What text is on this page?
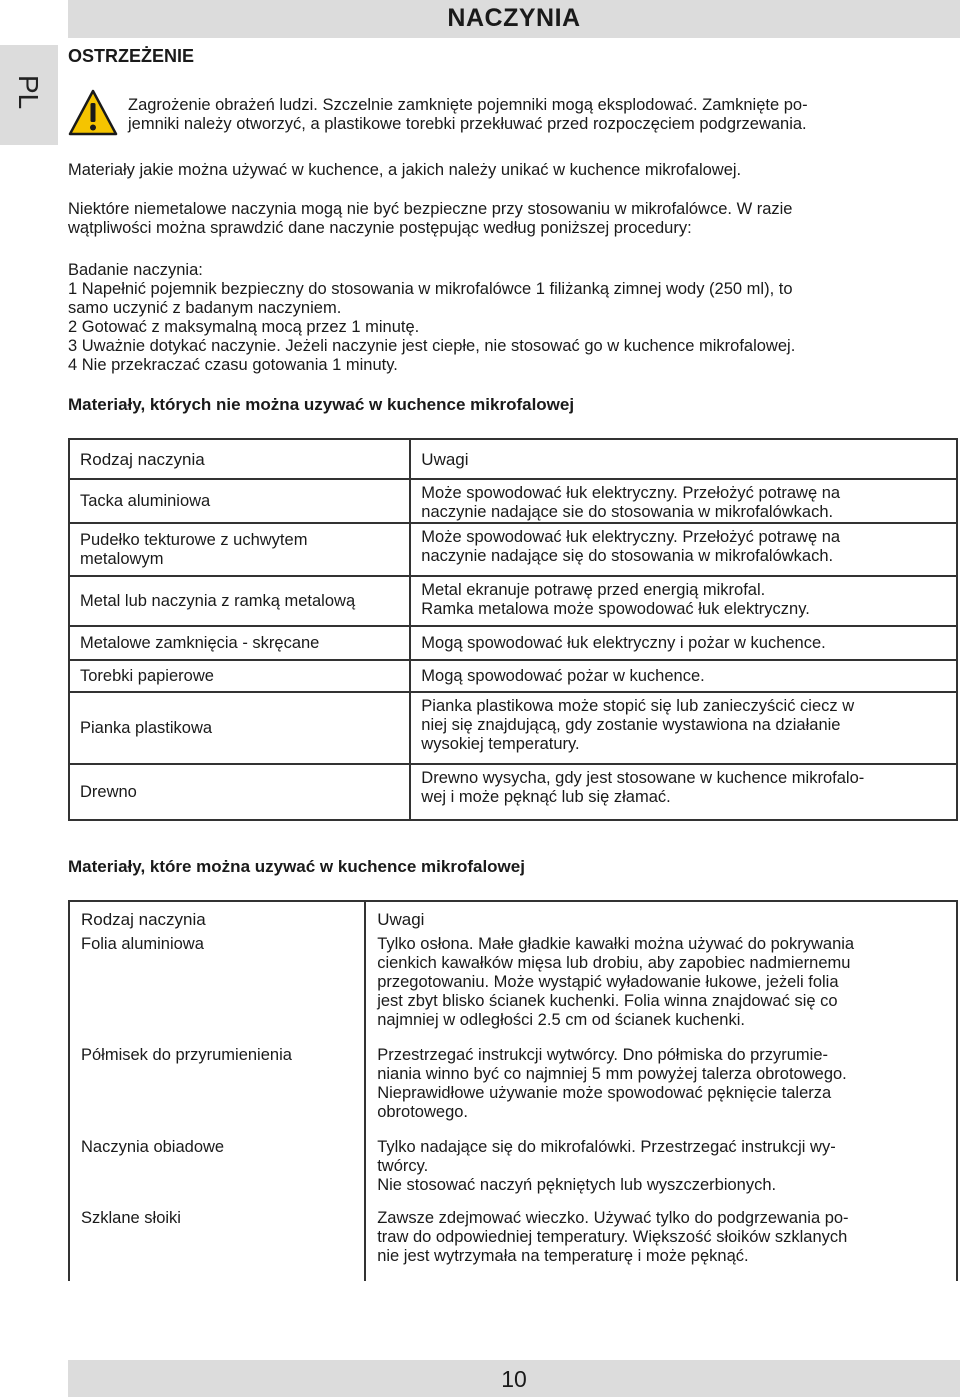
NACZYNIA
PL
OSTRZEŻENIE
Zagrożenie obrażeń ludzi. Szczelnie zamknięte pojemniki mogą eksplodować. Zamknięte po-
jemniki należy otworzyć, a plastikowe torebki przekłuwać przed rozpoczęciem podgrzewania.
Materiały jakie można używać w kuchence, a jakich należy unikać w kuchence mikrofalowej.
Niektóre niemetalowe naczynia mogą nie być bezpieczne przy stosowaniu w mikrofalówce. W razie
wątpliwości można sprawdzić dane naczynie postępując według poniższej procedury:
Badanie naczynia:
1 Napełnić pojemnik bezpieczny do stosowania w mikrofalówce 1 filiżanką zimnej wody (250 ml), to
samo uczynić z badanym naczyniem.
2 Gotować z maksymalną mocą przez 1 minutę.
3 Uważnie dotykać naczynie. Jeżeli naczynie jest ciepłe, nie stosować go w kuchence mikrofalowej.
4 Nie przekraczać czasu gotowania 1 minuty.
Materiały, których nie można uzywać w kuchence mikrofalowej
Rodzaj naczynia	Uwagi

Tacka aluminiowa	Może spowodować łuk elektryczny. Przełożyć potrawę na
naczynie nadające sie do stosowania w mikrofalówkach.

Pudełko tekturowe z uchwytem
metalowym	Może spowodować łuk elektryczny. Przełożyć potrawę na
naczynie nadające się do stosowania w mikrofalówkach.

Metal lub naczynia z ramką metalową	Metal ekranuje potrawę przed energią mikrofal.
Ramka metalowa może spowodować łuk elektryczny.

Metalowe zamknięcia - skręcane	Mogą spowodować łuk elektryczny i pożar w kuchence.

Torebki papierowe	Mogą spowodować pożar w kuchence.

Pianka plastikowa	Pianka plastikowa może stopić się lub zanieczyścić ciecz w
niej się znajdującą, gdy zostanie wystawiona na działanie
wysokiej temperatury.

Drewno	Drewno wysycha, gdy jest stosowane w kuchence mikrofalo-
wej i może pęknąć lub się złamać.
Materiały, które można uzywać w kuchence mikrofalowej
Rodzaj naczynia	Uwagi

Folia aluminiowa	Tylko osłona. Małe gładkie kawałki można używać do pokrywania
cienkich kawałków mięsa lub drobiu, aby zapobiec nadmiernemu
przegotowaniu. Może wystąpić wyładowanie łukowe, jeżeli folia
jest zbyt blisko ścianek kuchenki. Folia winna znajdować się co
najmniej w odległości 2.5 cm od ścianek kuchenki.

Półmisek do przyrumienienia	Przestrzegać instrukcji wytwórcy. Dno półmiska do przyrumie-
niania winno być co najmniej 5 mm powyżej talerza obrotowego.
Nieprawidłowe używanie może spowodować pęknięcie talerza
obrotowego.

Naczynia obiadowe	Tylko nadające się do mikrofalówki. Przestrzegać instrukcji wy-
twórcy.
Nie stosować naczyń pękniętych lub wyszczerbionych.

Szklane słoiki	Zawsze zdejmować wieczko. Używać tylko do podgrzewania po-
traw do odpowiedniej temperatury. Większość słoików szklanych
nie jest wytrzymała na temperaturę i może pęknąć.
10
